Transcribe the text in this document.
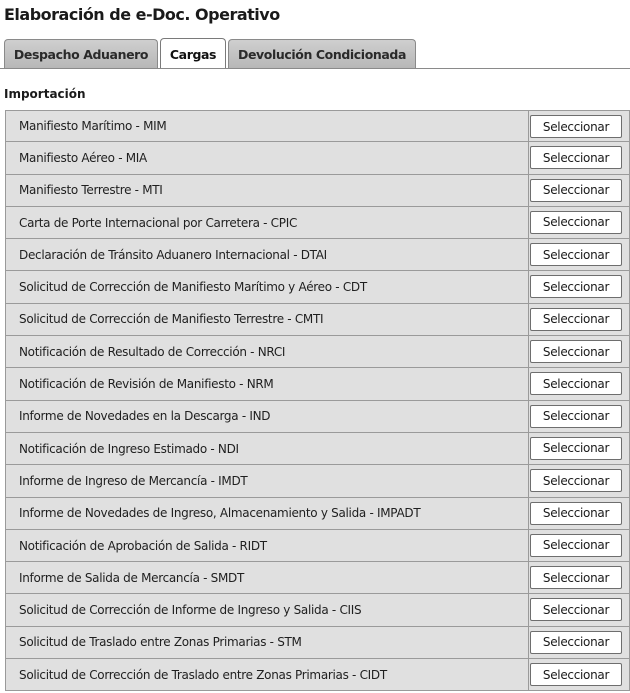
Elaboración de e-Doc. Operativo
Despacho Aduanero	Cargas	Devolución Condicionada
Importación
Manifiesto Marítimo - MIM	Seleccionar
Manifiesto Aéreo - MIA	Seleccionar
Manifiesto Terrestre - MTI	Seleccionar
Carta de Porte Internacional por Carretera - CPIC	Seleccionar
Declaración de Tránsito Aduanero Internacional - DTAI	Seleccionar
Solicitud de Corrección de Manifiesto Marítimo y Aéreo - CDT	Seleccionar
Solicitud de Corrección de Manifiesto Terrestre - CMTI	Seleccionar
Notificación de Resultado de Corrección - NRCI	Seleccionar
Notificación de Revisión de Manifiesto - NRM	Seleccionar
Informe de Novedades en la Descarga - IND	Seleccionar
Notificación de Ingreso Estimado - NDI	Seleccionar
Informe de Ingreso de Mercancía - IMDT	Seleccionar
Informe de Novedades de Ingreso, Almacenamiento y Salida - IMPADT	Seleccionar
Notificación de Aprobación de Salida - RIDT	Seleccionar
Informe de Salida de Mercancía - SMDT	Seleccionar
Solicitud de Corrección de Informe de Ingreso y Salida - CIIS	Seleccionar
Solicitud de Traslado entre Zonas Primarias - STM	Seleccionar
Solicitud de Corrección de Traslado entre Zonas Primarias - CIDT	Seleccionar
